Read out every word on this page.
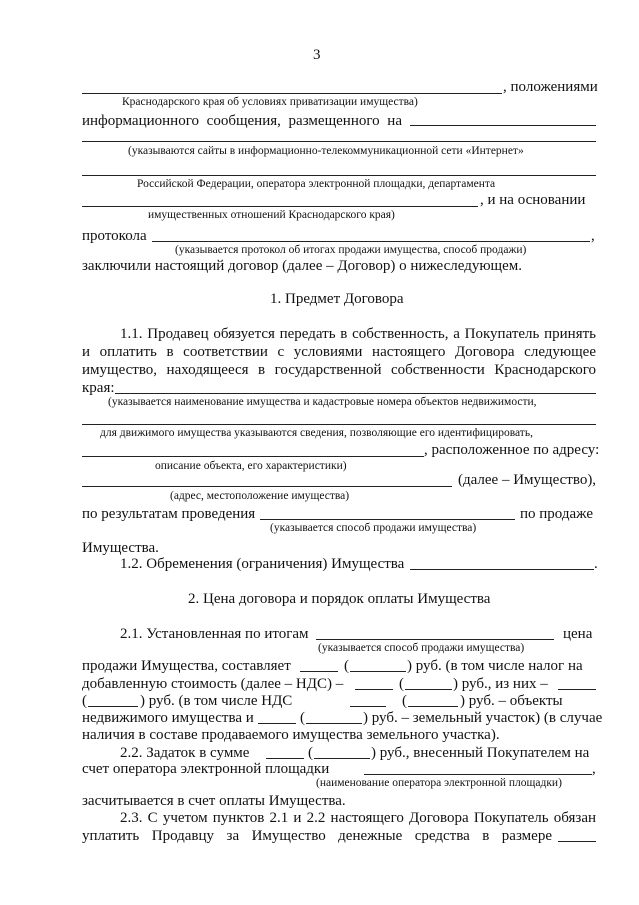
3
, положениями
Краснодарского края об условиях приватизации имущества)
информационного сообщения, размещенного на
(указываются сайты в информационно-телекоммуникационной сети «Интернет»
Российской Федерации, оператора электронной площадки, департамента
, и на основании
имущественных отношений Краснодарского края)
протокола	,
(указывается протокол об итогах продажи имущества, способ продажи)
заключили настоящий договор (далее – Договор) о нижеследующем.
1. Предмет Договора
1.1. Продавец обязуется передать в собственность, а Покупатель принять
и оплатить в соответствии с условиями настоящего Договора следующее
имущество, находящееся в государственной собственности Краснодарского
края:
(указывается наименование имущества и кадастровые номера объектов недвижимости,
для движимого имущества указываются сведения, позволяющие его идентифицировать,
, расположенное по адресу:
описание объекта, его характеристики)
(далее – Имущество),
(адрес, местоположение имущества)
по результатам проведения	по продаже
(указывается способ продажи имущества)
Имущества.
1.2. Обременения (ограничения) Имущества	.
2. Цена договора и порядок оплаты Имущества
2.1. Установленная по итогам	цена
(указывается способ продажи имущества)
продажи Имущества, составляет	(	) руб. (в том числе налог на
добавленную стоимость (далее – НДС) –	(	) руб., из них –
(	) руб. (в том числе НДС	(	) руб. – объекты
недвижимого имущества и	(	) руб. – земельный участок) (в случае
наличия в составе продаваемого имущества земельного участка).
2.2. Задаток в сумме	(	) руб., внесенный Покупателем на
счет оператора электронной площадки	,
(наименование оператора электронной площадки)
засчитывается в счет оплаты Имущества.
2.3. С учетом пунктов 2.1 и 2.2 настоящего Договора Покупатель обязан
уплатить Продавцу за Имущество денежные средства в размере
